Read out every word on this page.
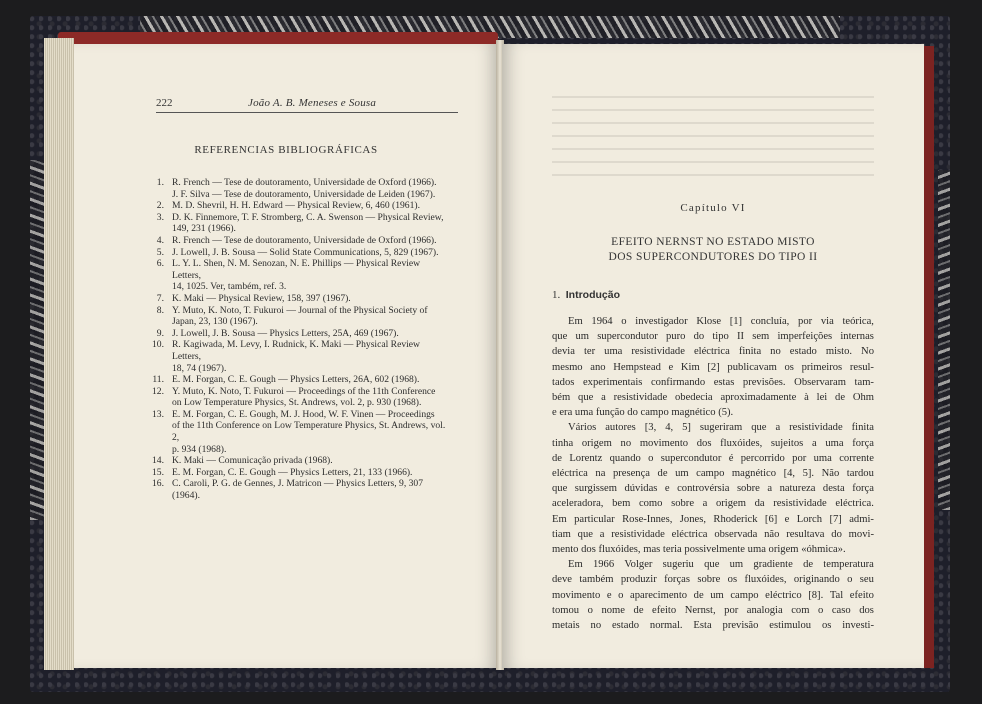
222	João A. B. Meneses e Sousa
REFERENCIAS BIBLIOGRÁFICAS
1. R. French — Tese de doutoramento, Universidade de Oxford (1966).
J. F. Silva — Tese de doutoramento, Universidade de Leiden (1967).
2. M. D. Shevril, H. H. Edward — Physical Review, 6, 460 (1961).
3. D. K. Finnemore, T. F. Stromberg, C. A. Swenson — Physical Review,
149, 231 (1966).
4. R. French — Tese de doutoramento, Universidade de Oxford (1966).
5. J. Lowell, J. B. Sousa — Solid State Communications, 5, 829 (1967).
6. L. Y. L. Shen, N. M. Senozan, N. E. Phillips — Physical Review Letters,
14, 1025. Ver, também, ref. 3.
7. K. Maki — Physical Review, 158, 397 (1967).
8. Y. Muto, K. Noto, T. Fukuroi — Journal of the Physical Society of
Japan, 23, 130 (1967).
9. J. Lowell, J. B. Sousa — Physics Letters, 25A, 469 (1967).
10. R. Kagiwada, M. Levy, I. Rudnick, K. Maki — Physical Review Letters,
18, 74 (1967).
11. E. M. Forgan, C. E. Gough — Physics Letters, 26A, 602 (1968).
12. Y. Muto, K. Noto, T. Fukuroi — Proceedings of the 11th Conference
on Low Temperature Physics, St. Andrews, vol. 2, p. 930 (1968).
13. E. M. Forgan, C. E. Gough, M. J. Hood, W. F. Vinen — Proceedings
of the 11th Conference on Low Temperature Physics, St. Andrews, vol. 2,
p. 934 (1968).
14. K. Maki — Comunicação privada (1968).
15. E. M. Forgan, C. E. Gough — Physics Letters, 21, 133 (1966).
16. C. Caroli, P. G. de Gennes, J. Matricon — Physics Letters, 9, 307 (1964).
Capítulo VI
EFEITO NERNST NO ESTADO MISTO
DOS SUPERCONDUTORES DO TIPO II
1. Introdução
Em 1964 o investigador Klose [1] concluía, por via teórica,
que um supercondutor puro do tipo II sem imperfeições internas
devia ter uma resistividade eléctrica finita no estado misto. No
mesmo ano Hempstead e Kim [2] publicavam os primeiros resul-
tados experimentais confirmando estas previsões. Observaram tam-
bém que a resistividade obedecia aproximadamente à lei de Ohm
e era uma função do campo magnético (5).
Vários autores [3, 4, 5] sugeriram que a resistividade finita
tinha origem no movimento dos fluxóides, sujeitos a uma força
de Lorentz quando o supercondutor é percorrido por uma corrente
eléctrica na presença de um campo magnético [4, 5]. Não tardou
que surgissem dúvidas e controvérsia sobre a natureza desta força
aceleradora, bem como sobre a origem da resistividade eléctrica.
Em particular Rose-Innes, Jones, Rhoderick [6] e Lorch [7] admi-
tiam que a resistividade eléctrica observada não resultava do movi-
mento dos fluxóides, mas teria possivelmente uma origem «óhmica».
Em 1966 Volger sugeriu que um gradiente de temperatura
deve também produzir forças sobre os fluxóides, originando o seu
movimento e o aparecimento de um campo eléctrico [8]. Tal efeito
tomou o nome de efeito Nernst, por analogia com o caso dos
metais no estado normal. Esta previsão estimulou os investi-
